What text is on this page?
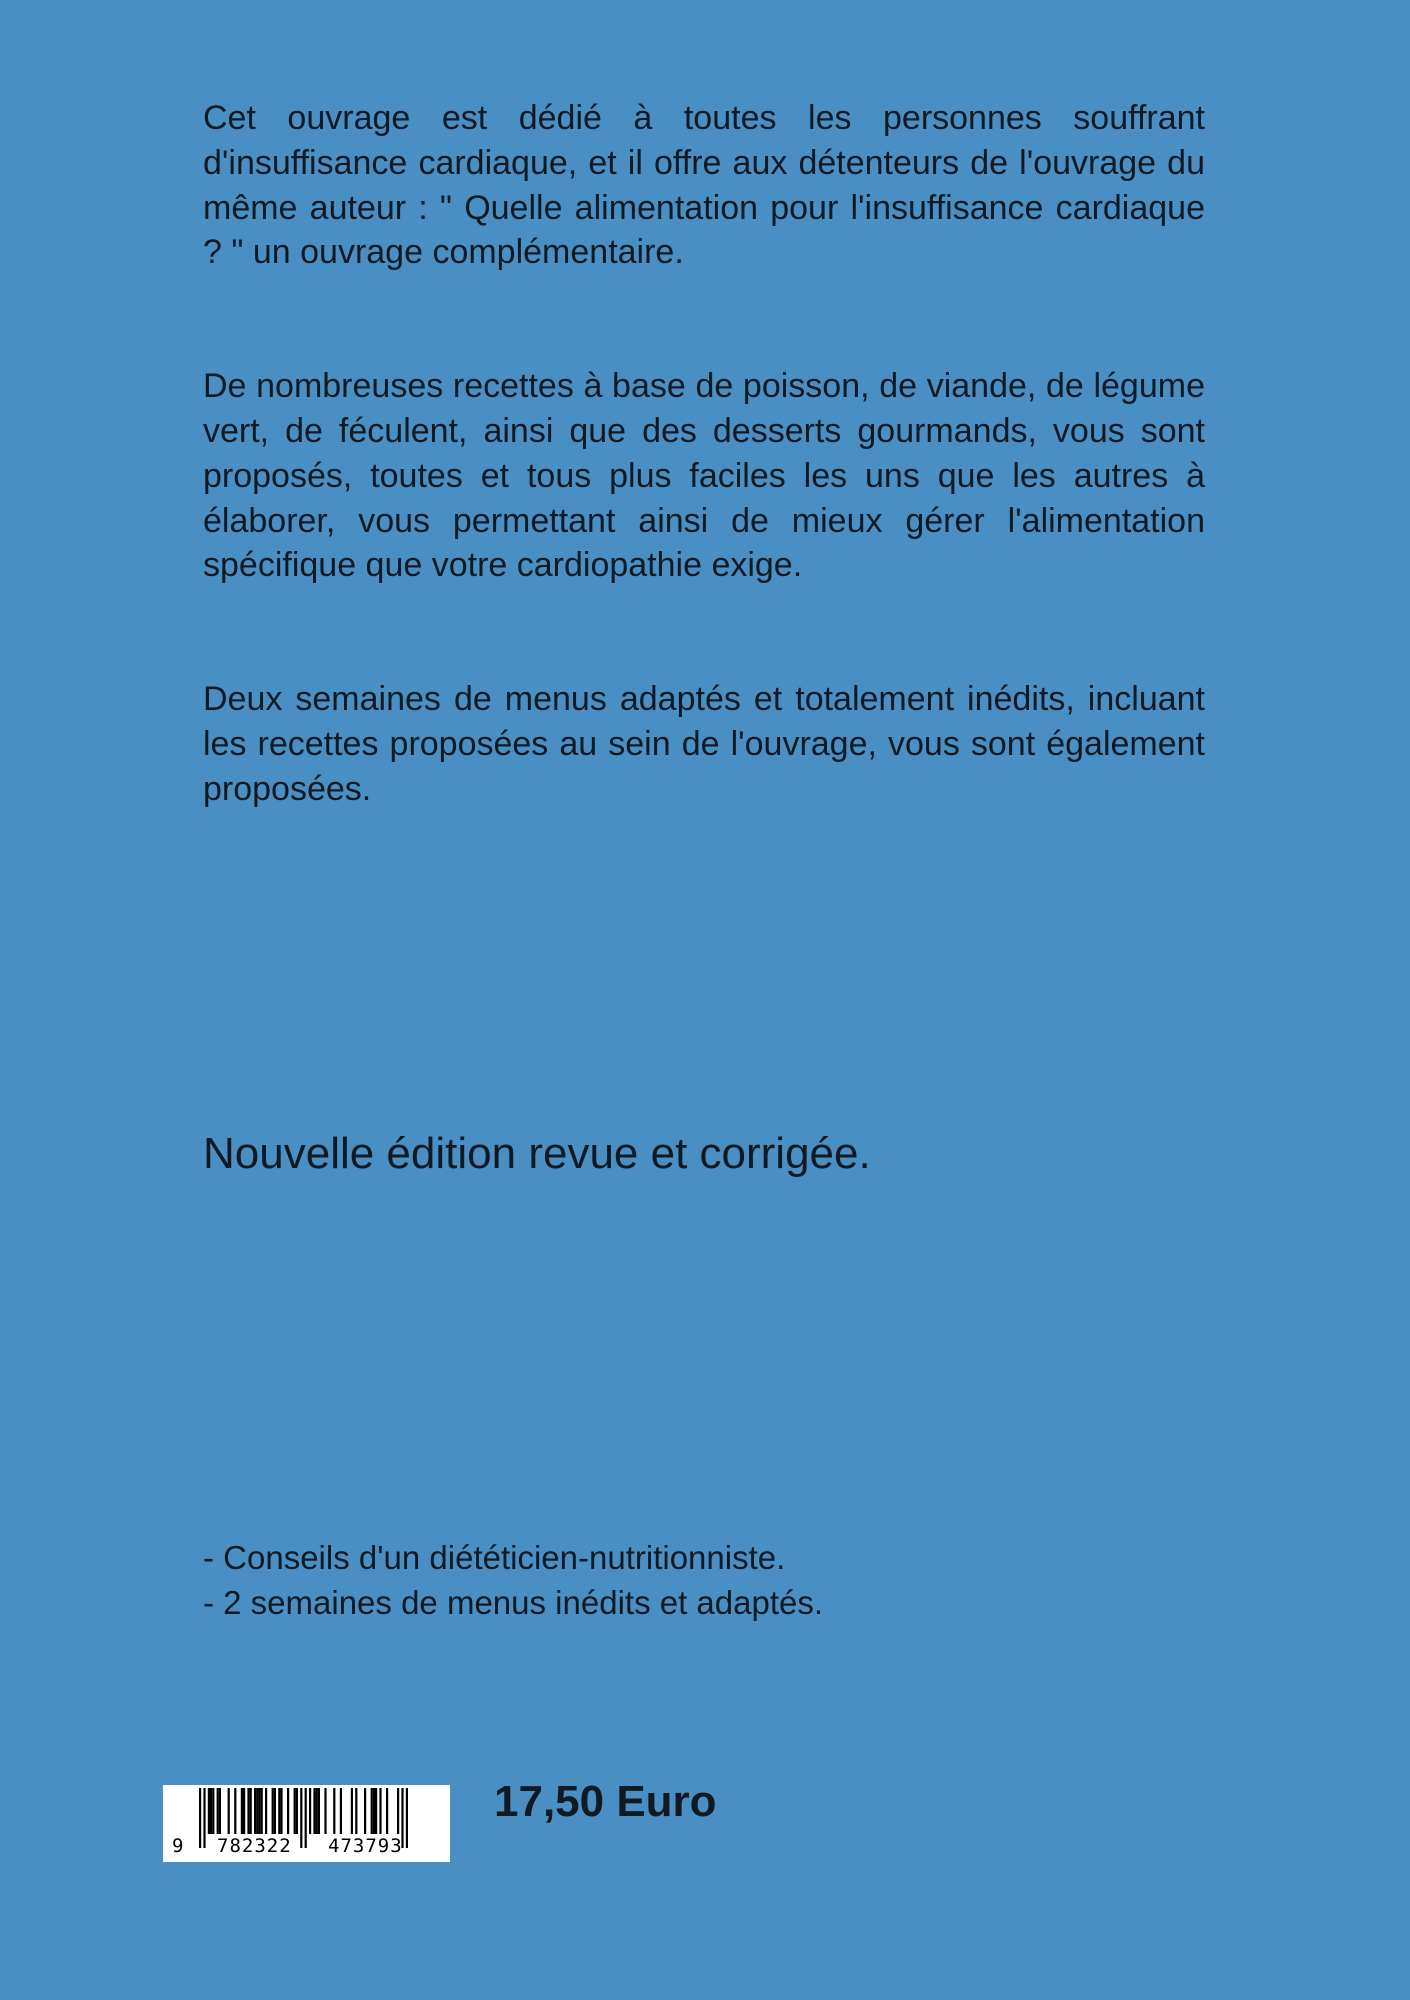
Cet ouvrage est dédié à toutes les personnes souffrant d'insuffisance cardiaque, et il offre aux détenteurs de l'ouvrage du même auteur : " Quelle alimentation pour l'insuffisance cardiaque ? " un ouvrage complémentaire.

De nombreuses recettes à base de poisson, de viande, de légume vert, de féculent, ainsi que des desserts gourmands, vous sont proposés, toutes et tous plus faciles les uns que les autres à élaborer, vous permettant ainsi de mieux gérer l'alimentation spécifique que votre cardiopathie exige.

Deux semaines de menus adaptés et totalement inédits, incluant les recettes proposées au sein de l'ouvrage, vous sont également proposées.

Nouvelle édition revue et corrigée.

- Conseils d'un diététicien-nutritionniste.
- 2 semaines de menus inédits et adaptés.
9 782322 473793

17,50 Euro
